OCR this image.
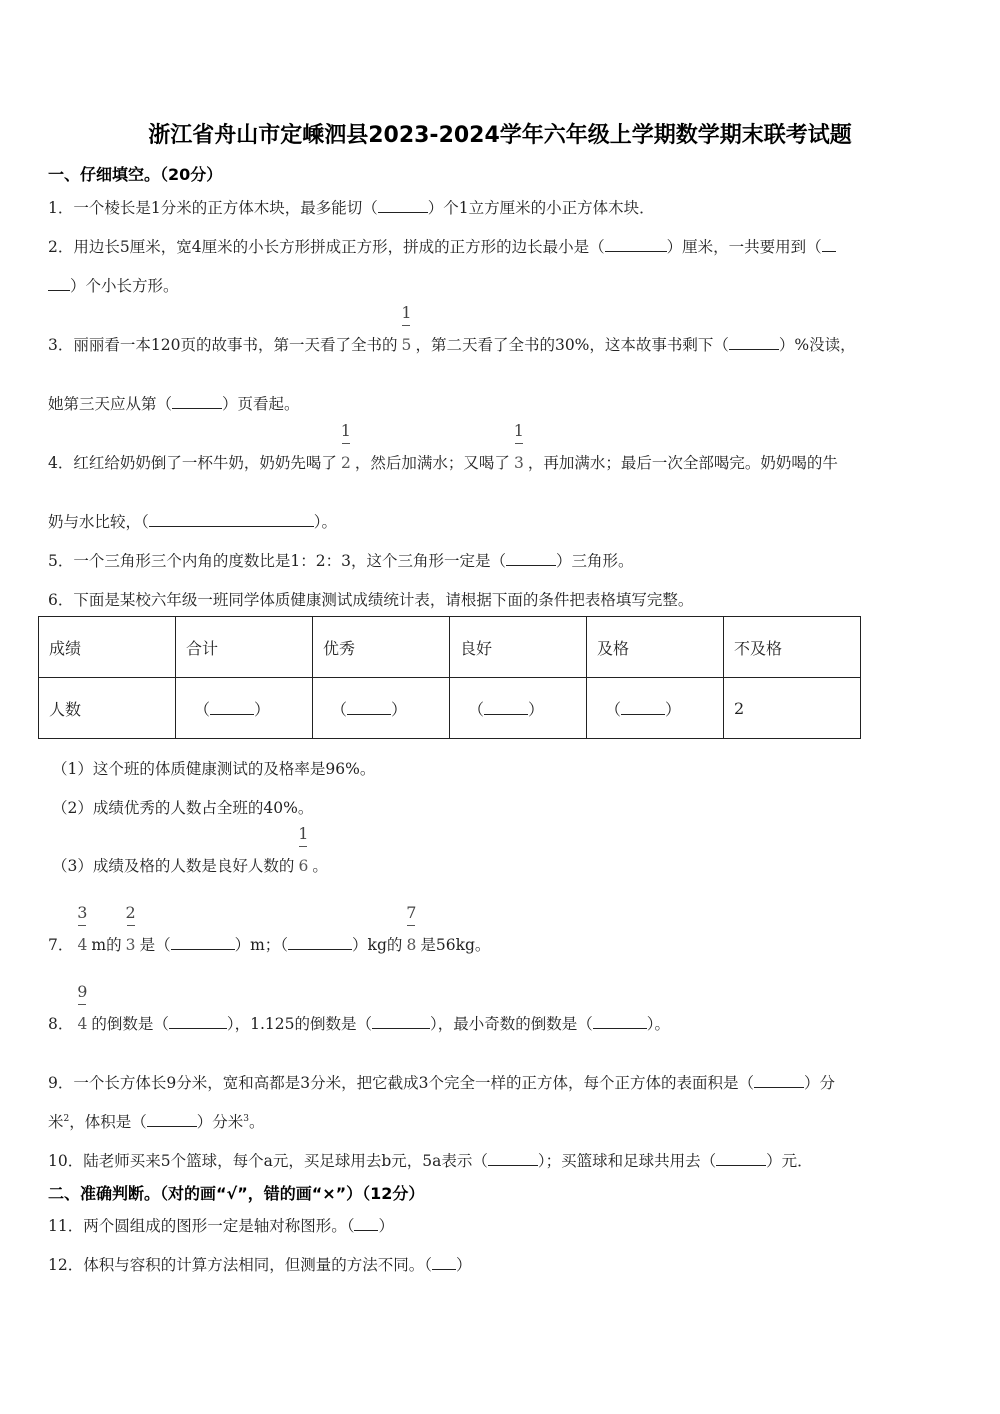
浙江省舟山市定嵊泗县2023-2024学年六年级上学期数学期末联考试题
一、仔细填空。（20分）
1．一个棱长是1分米的正方体木块，最多能切（	）个1立方厘米的小正方体木块．
2．用边长5厘米，宽4厘米的小长方形拼成正方形，拼成的正方形的边长最小是（	）厘米，一共要用到（
）个小长方形。
3．丽丽看一本120页的故事书，第一天看了全书的 $\frac{1}{5}$ ，第二天看了全书的30%，这本故事书剩下（	）%没读，
她第三天应从第（	）页看起。
4．红红给奶奶倒了一杯牛奶，奶奶先喝了 $\frac{1}{2}$ ，然后加满水；又喝了 $\frac{1}{3}$ ，再加满水；最后一次全部喝完。奶奶喝的牛
奶与水比较，（	）。
5．一个三角形三个内角的度数比是1：2：3，这个三角形一定是（	）三角形。
6．下面是某校六年级一班同学体质健康测试成绩统计表，请根据下面的条件把表格填写完整。
成绩	合计	优秀	良好	及格	不及格
人数	（ ）	（ ）	（ ）	（ ）	2
（1）这个班的体质健康测试的及格率是96%。
（2）成绩优秀的人数占全班的40%。
（3）成绩及格的人数是良好人数的 $\frac{1}{6}$ 。
7． $\frac{3}{4}$ m的 $\frac{2}{3}$ 是（	）m；（	）kg的 $\frac{7}{8}$ 是56kg。
8． $\frac{9}{4}$ 的倒数是（	），1.125的倒数是（	），最小奇数的倒数是（	）。
9．一个长方体长9分米，宽和高都是3分米，把它截成3个完全一样的正方体，每个正方体的表面积是（	）分
米$^2$，体积是（	）分米$^3$。
10．陆老师买来5个篮球，每个a元，买足球用去b元，5a表示（	）；买篮球和足球共用去（	）元．
二、准确判断。（对的画“√”，错的画“×”）（12分）
11．两个圆组成的图形一定是轴对称图形。（ ）
12．体积与容积的计算方法相同，但测量的方法不同。（ ）
